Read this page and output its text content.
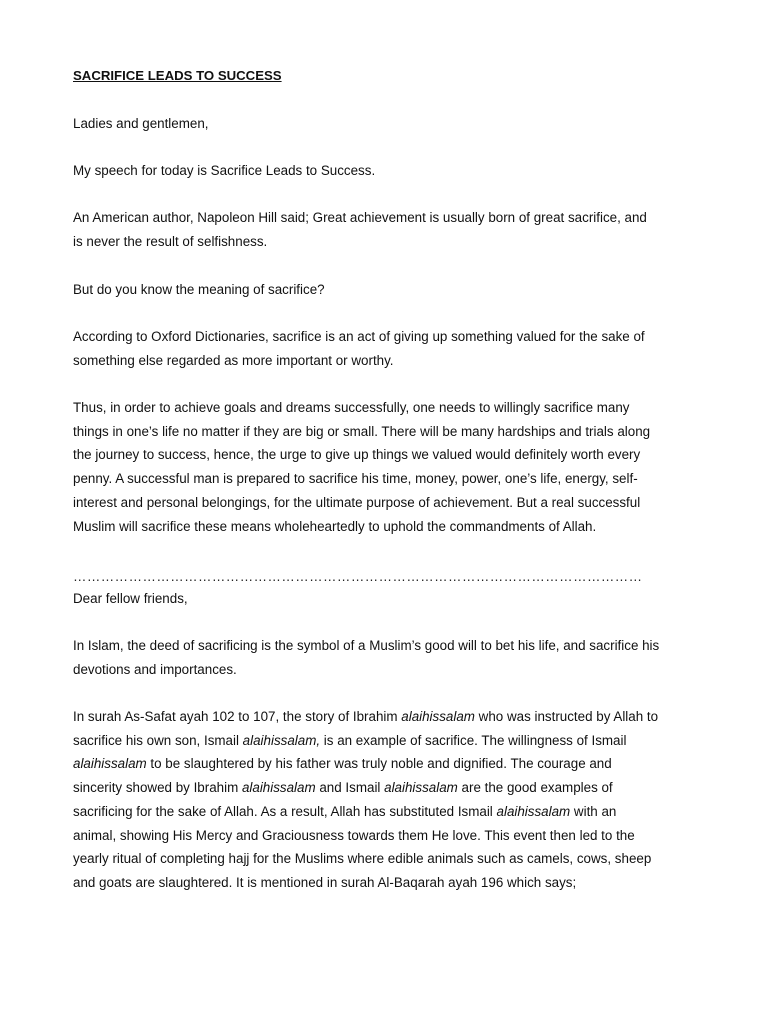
SACRIFICE LEADS TO SUCCESS

Ladies and gentlemen,

My speech for today is Sacrifice Leads to Success.

An American author, Napoleon Hill said; Great achievement is usually born of great sacrifice, and
is never the result of selfishness.

But do you know the meaning of sacrifice?

According to Oxford Dictionaries, sacrifice is an act of giving up something valued for the sake of
something else regarded as more important or worthy.
Thus, in order to achieve goals and dreams successfully, one needs to willingly sacrifice many
things in one’s life no matter if they are big or small. There will be many hardships and trials along
the journey to success, hence, the urge to give up things we valued would definitely worth every
penny. A successful man is prepared to sacrifice his time, money, power, one’s life, energy, self-
interest and personal belongings, for the ultimate purpose of achievement. But a real successful
Muslim will sacrifice these means wholeheartedly to uphold the commandments of Allah.

……………………………………………………………………………………………………………

Dear fellow friends,

In Islam, the deed of sacrificing is the symbol of a Muslim’s good will to bet his life, and sacrifice his
devotions and importances.
In surah As-Safat ayah 102 to 107, the story of Ibrahim alaihissalam who was instructed by Allah to
sacrifice his own son, Ismail alaihissalam, is an example of sacrifice. The willingness of Ismail
alaihissalam to be slaughtered by his father was truly noble and dignified. The courage and
sincerity showed by Ibrahim alaihissalam and Ismail alaihissalam are the good examples of
sacrificing for the sake of Allah. As a result, Allah has substituted Ismail alaihissalam with an
animal, showing His Mercy and Graciousness towards them He love. This event then led to the
yearly ritual of completing hajj for the Muslims where edible animals such as camels, cows, sheep
and goats are slaughtered. It is mentioned in surah Al-Baqarah ayah 196 which says;
